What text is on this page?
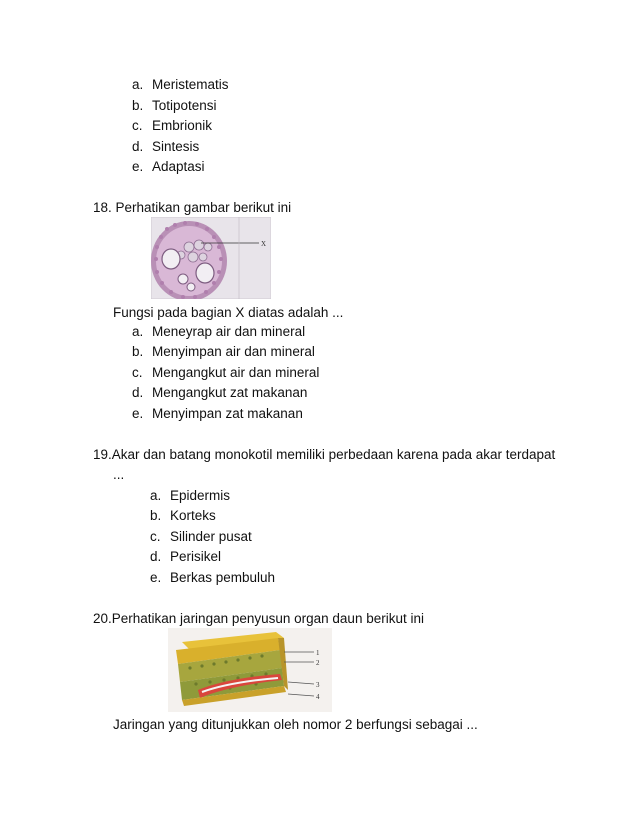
a. Meristematis
b. Totipotensi
c. Embrionik
d. Sintesis
e. Adaptasi
18. Perhatikan gambar berikut ini
X
Fungsi pada bagian X diatas adalah ...
a. Meneyrap air dan mineral
b. Menyimpan air dan mineral
c. Mengangkut air dan mineral
d. Mengangkut zat makanan
e. Menyimpan zat makanan
19.Akar dan batang monokotil memiliki perbedaan karena pada akar terdapat
...
a. Epidermis
b. Korteks
c. Silinder pusat
d. Perisikel
e. Berkas pembuluh
20.Perhatikan jaringan penyusun organ daun berikut ini
1
2
3
4
Jaringan yang ditunjukkan oleh nomor 2 berfungsi sebagai ...
